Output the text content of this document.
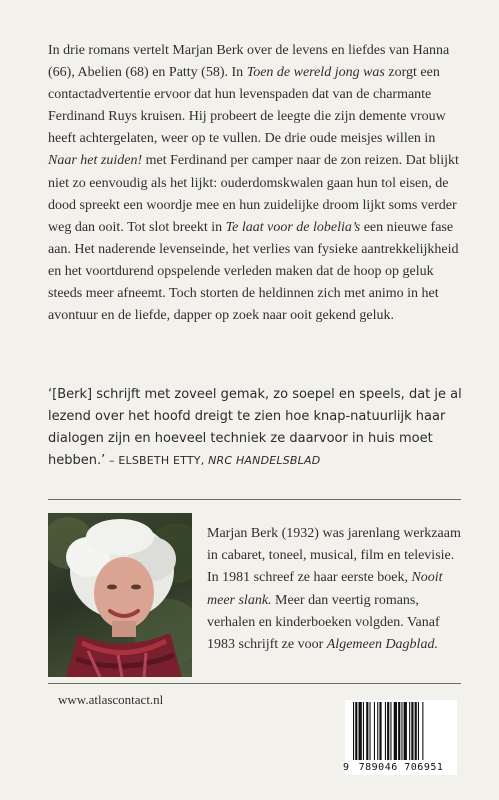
In drie romans vertelt Marjan Berk over de levens en liefdes van Hanna (66), Abelien (68) en Patty (58). In Toen de wereld jong was zorgt een contactadvertentie ervoor dat hun levenspaden dat van de charmante Ferdinand Ruys kruisen. Hij probeert de leegte die zijn demente vrouw heeft achtergelaten, weer op te vullen. De drie oude meisjes willen in Naar het zuiden! met Ferdinand per camper naar de zon reizen. Dat blijkt niet zo eenvoudig als het lijkt: ouderdomskwalen gaan hun tol eisen, de dood spreekt een woordje mee en hun zuidelijke droom lijkt soms verder weg dan ooit. Tot slot breekt in Te laat voor de lobelia’s een nieuwe fase aan. Het naderende levenseinde, het verlies van fysieke aantrekkelijkheid en het voortdurend opspelende verleden maken dat de hoop op geluk steeds meer afneemt. Toch storten de heldinnen zich met animo in het avontuur en de liefde, dapper op zoek naar ooit gekend geluk.

‘[Berk] schrijft met zoveel gemak, zo soepel en speels, dat je al lezend over het hoofd dreigt te zien hoe knap-natuurlijk haar dialogen zijn en hoeveel techniek ze daarvoor in huis moet hebben.’ – ELSBETH ETTY, NRC HANDELSBLAD

Marjan Berk (1932) was jarenlang werkzaam in cabaret, toneel, musical, film en televisie. In 1981 schreef ze haar eerste boek, Nooit meer slank. Meer dan veertig romans, verhalen en kinderboeken volgden. Vanaf 1983 schrijft ze voor Algemeen Dagblad.

www.atlascontact.nl
9 789046 706951
